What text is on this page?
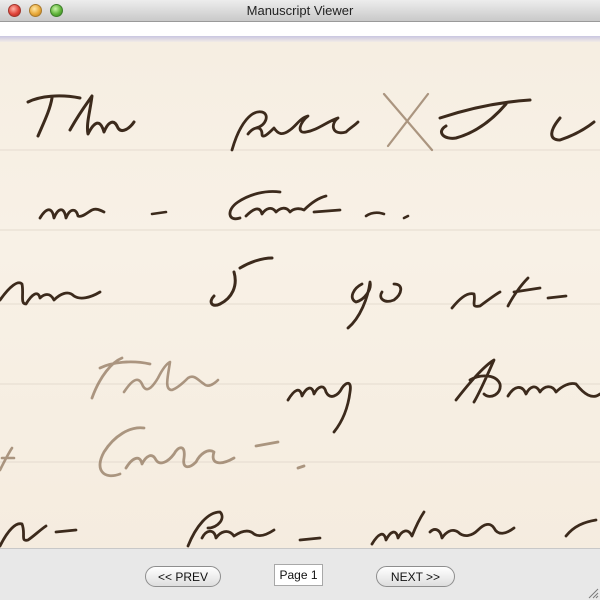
Manuscript Viewer
<< PREV	Page 1	NEXT >>
